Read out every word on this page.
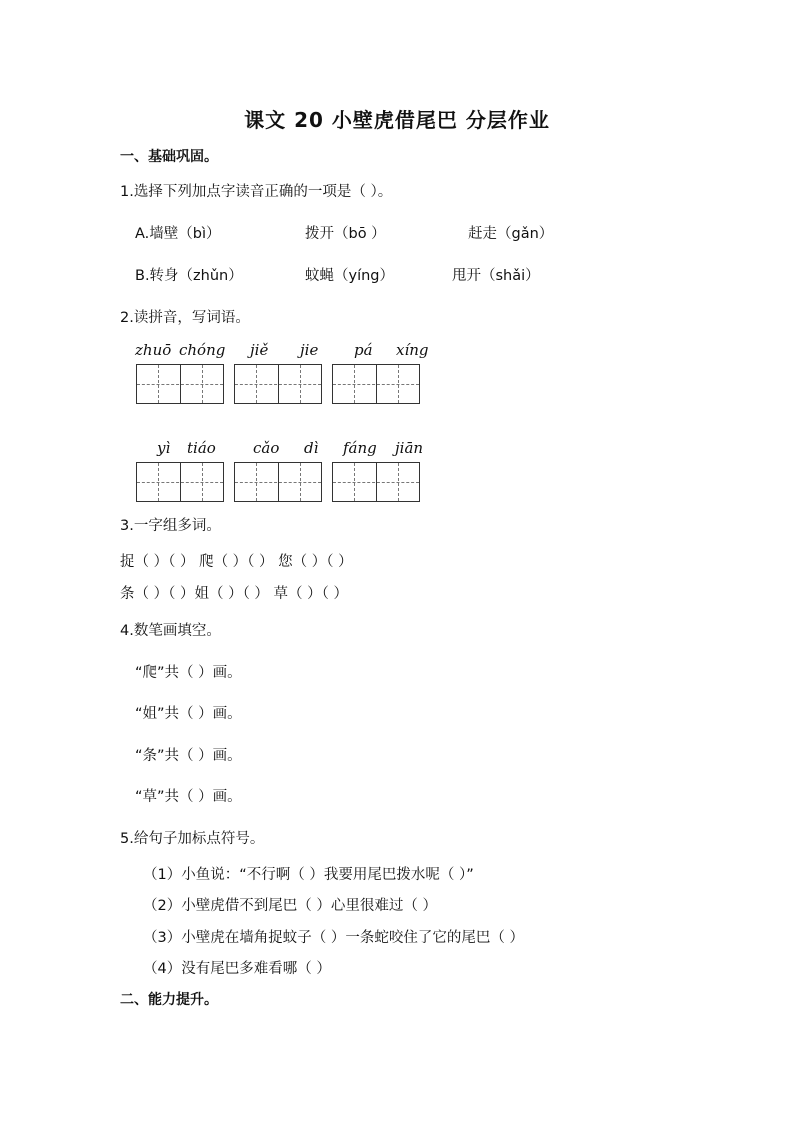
课文 20 小壁虎借尾巴 分层作业
一、基础巩固。
1.选择下列加点字读音正确的一项是（ ）。
A.墙壁（bì）	拨开（bō ）	赶走（gǎn）
B.转身（zhǔn）	蚊蝇（yíng）	甩开（shǎi）
2.读拼音，写词语。
zhuō chóng jiě jie pá xíng
yì tiáo cǎo dì fáng jiān
3.一字组多词。
捉（ ）（ ） 爬（ ）（ ） 您（ ）（ ）
条（ ）（ ）姐（ ）（ ） 草（ ）（ ）
4.数笔画填空。
“爬”共（ ）画。
“姐”共（ ）画。
“条”共（ ）画。
“草”共（ ）画。
5.给句子加标点符号。
（1）小鱼说：“不行啊（ ）我要用尾巴拨水呢（ ）”
（2）小壁虎借不到尾巴（ ）心里很难过（ ）
（3）小壁虎在墙角捉蚊子（ ）一条蛇咬住了它的尾巴（ ）
（4）没有尾巴多难看哪（ ）
二、能力提升。
